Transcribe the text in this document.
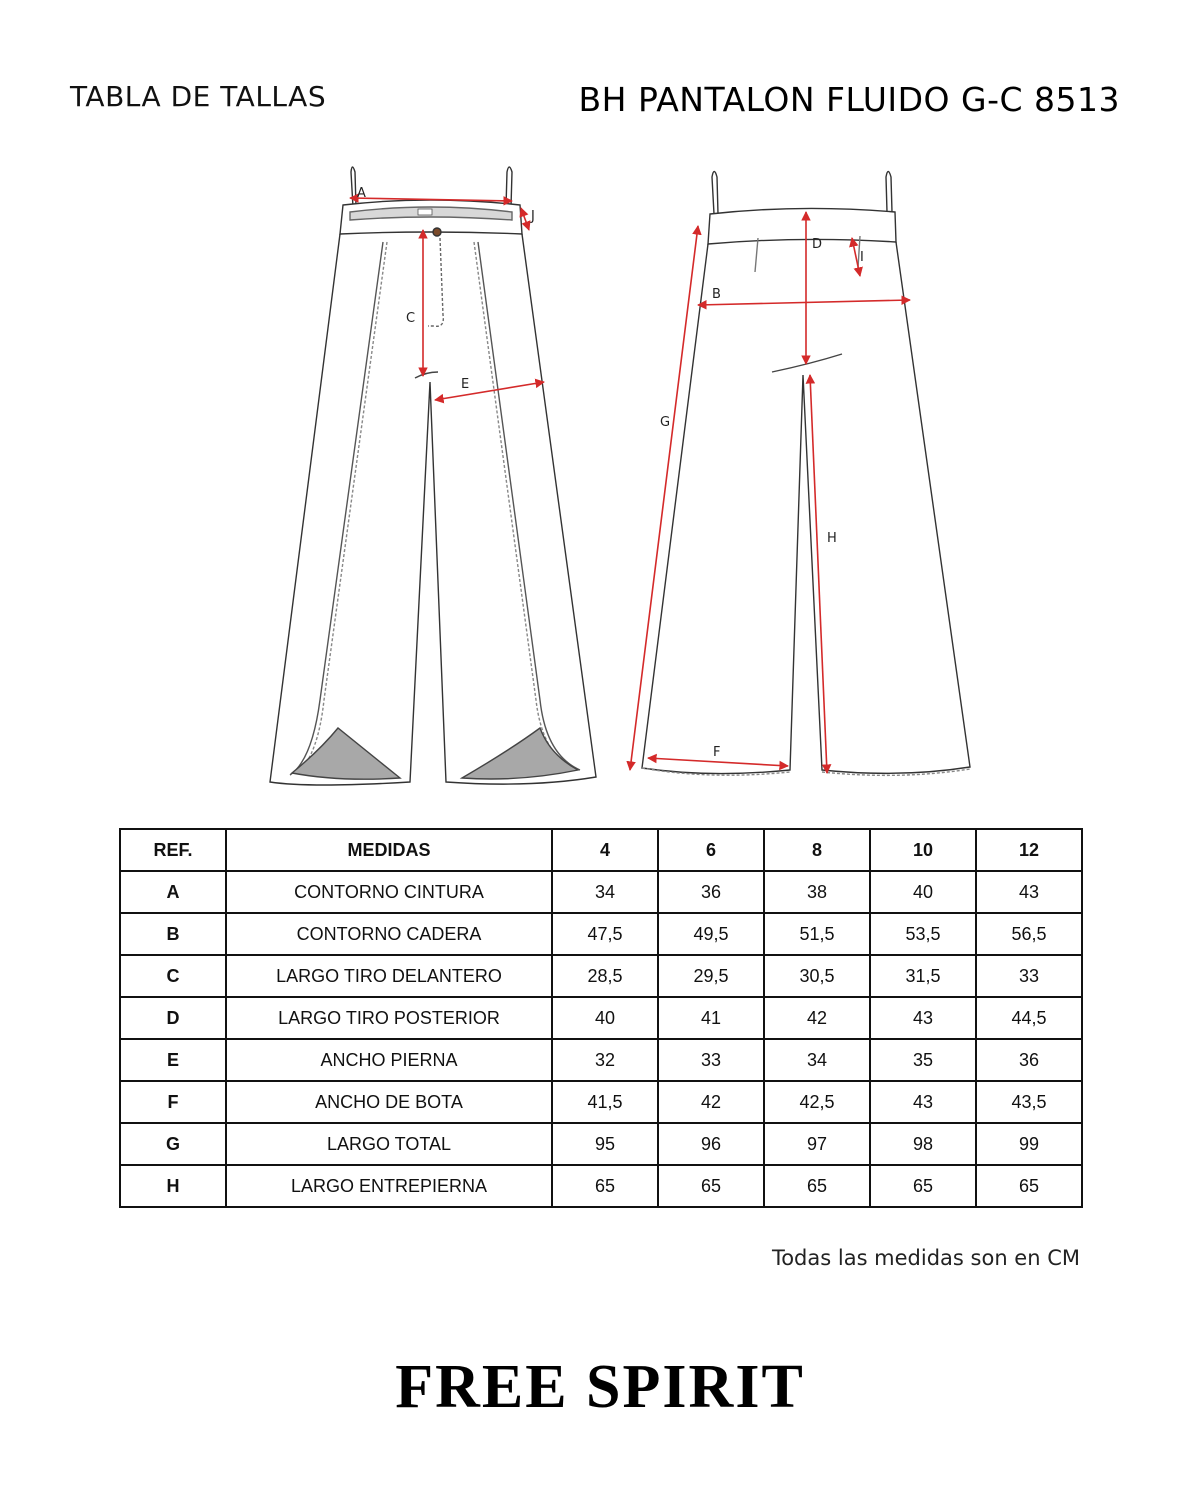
TABLA DE TALLAS	BH PANTALON FLUIDO G-C 8513
A
J
C
E
D
I
B
G
H
F
REF.	MEDIDAS	4	6	8	10	12
A	CONTORNO CINTURA	34	36	38	40	43
B	CONTORNO CADERA	47,5	49,5	51,5	53,5	56,5
C	LARGO TIRO DELANTERO	28,5	29,5	30,5	31,5	33
D	LARGO TIRO POSTERIOR	40	41	42	43	44,5
E	ANCHO PIERNA	32	33	34	35	36
F	ANCHO DE BOTA	41,5	42	42,5	43	43,5
G	LARGO TOTAL	95	96	97	98	99
H	LARGO ENTREPIERNA	65	65	65	65	65
Todas las medidas son en CM
FREE SPIRIT
